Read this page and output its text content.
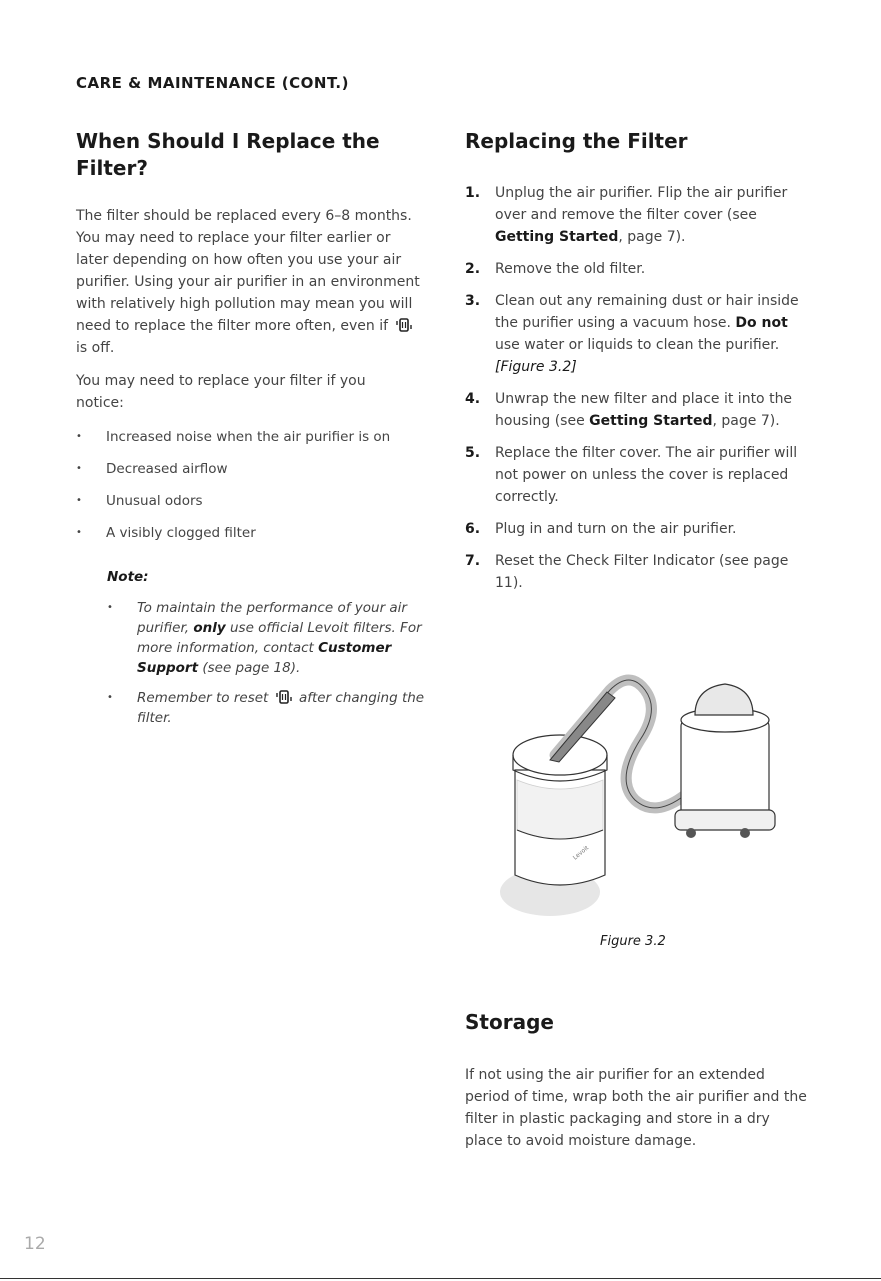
CARE & MAINTENANCE (CONT.)

When Should I Replace the Filter?

The filter should be replaced every 6–8 months. You may need to replace your filter earlier or later depending on how often you use your air purifier. Using your air purifier in an environment with relatively high pollution may mean you will need to replace the filter more often, even if  is off.

You may need to replace your filter if you notice:

• Increased noise when the air purifier is on
• Decreased airflow
• Unusual odors
• A visibly clogged filter

Note:

• To maintain the performance of your air purifier, only use official Levoit filters. For more information, contact Customer Support (see page 18).
• Remember to reset after changing the filter.
Replacing the Filter
1. Unplug the air purifier. Flip the air purifier over and remove the filter cover (see Getting Started, page 7).
2. Remove the old filter.
3. Clean out any remaining dust or hair inside the purifier using a vacuum hose. Do not use water or liquids to clean the purifier. [Figure 3.2]
4. Unwrap the new filter and place it into the housing (see Getting Started, page 7).
5. Replace the filter cover. The air purifier will not power on unless the cover is replaced correctly.
6. Plug in and turn on the air purifier.
7. Reset the Check Filter Indicator (see page 11).
Levoit

Figure 3.2

Storage

If not using the air purifier for an extended period of time, wrap both the air purifier and the filter in plastic packaging and store in a dry place to avoid moisture damage.

12
